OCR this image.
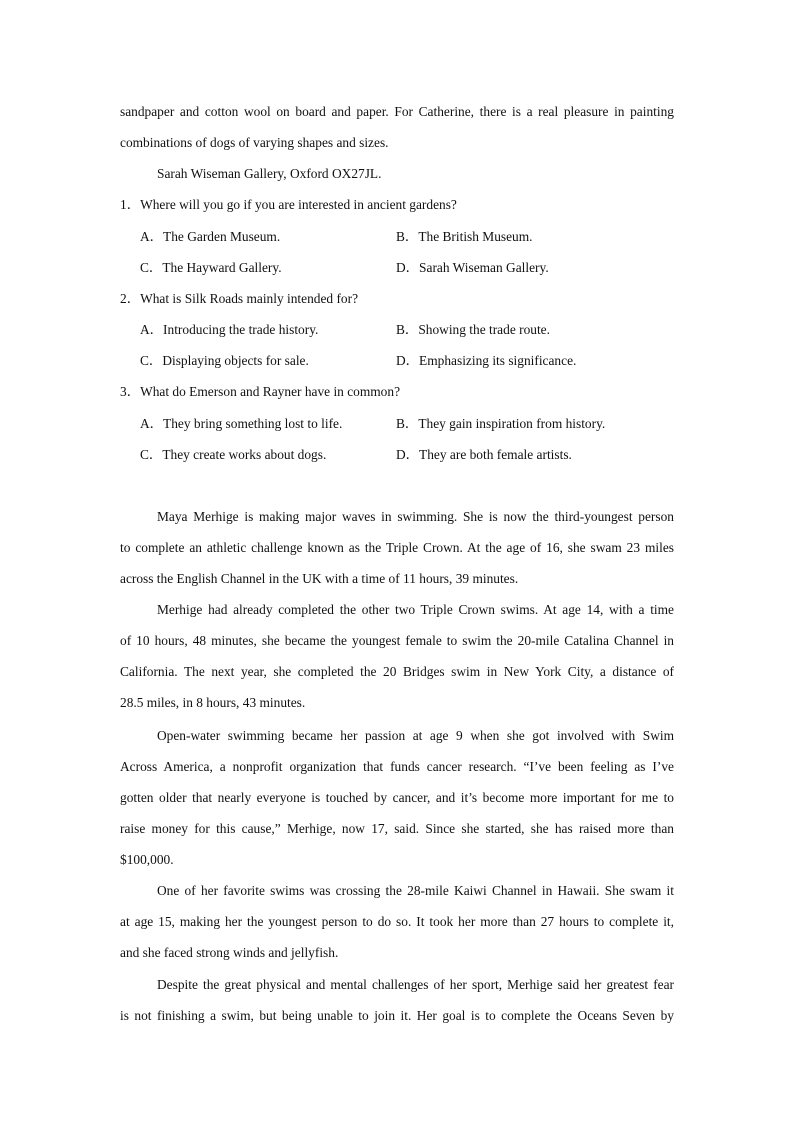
sandpaper and cotton wool on board and paper. For Catherine, there is a real pleasure in painting
combinations of dogs of varying shapes and sizes.
Sarah Wiseman Gallery, Oxford OX27JL.
1．Where will you go if you are interested in ancient gardens?
A．The Garden Museum.	B．The British Museum.
C．The Hayward Gallery.	D．Sarah Wiseman Gallery.
2．What is Silk Roads mainly intended for?
A．Introducing the trade history.	B．Showing the trade route.
C．Displaying objects for sale.	D．Emphasizing its significance.
3．What do Emerson and Rayner have in common?
A．They bring something lost to life.	B．They gain inspiration from history.
C．They create works about dogs.	D．They are both female artists.
Maya Merhige is making major waves in swimming. She is now the third-youngest person
to complete an athletic challenge known as the Triple Crown. At the age of 16, she swam 23 miles
across the English Channel in the UK with a time of 11 hours, 39 minutes.
Merhige had already completed the other two Triple Crown swims. At age 14, with a time
of 10 hours, 48 minutes, she became the youngest female to swim the 20-mile Catalina Channel in
California. The next year, she completed the 20 Bridges swim in New York City, a distance of
28.5 miles, in 8 hours, 43 minutes.
Open-water swimming became her passion at age 9 when she got involved with Swim
Across America, a nonprofit organization that funds cancer research. “I’ve been feeling as I’ve
gotten older that nearly everyone is touched by cancer, and it’s become more important for me to
raise money for this cause,” Merhige, now 17, said. Since she started, she has raised more than
$100,000.
One of her favorite swims was crossing the 28-mile Kaiwi Channel in Hawaii. She swam it
at age 15, making her the youngest person to do so. It took her more than 27 hours to complete it,
and she faced strong winds and jellyfish.
Despite the great physical and mental challenges of her sport, Merhige said her greatest fear
is not finishing a swim, but being unable to join it. Her goal is to complete the Oceans Seven by
